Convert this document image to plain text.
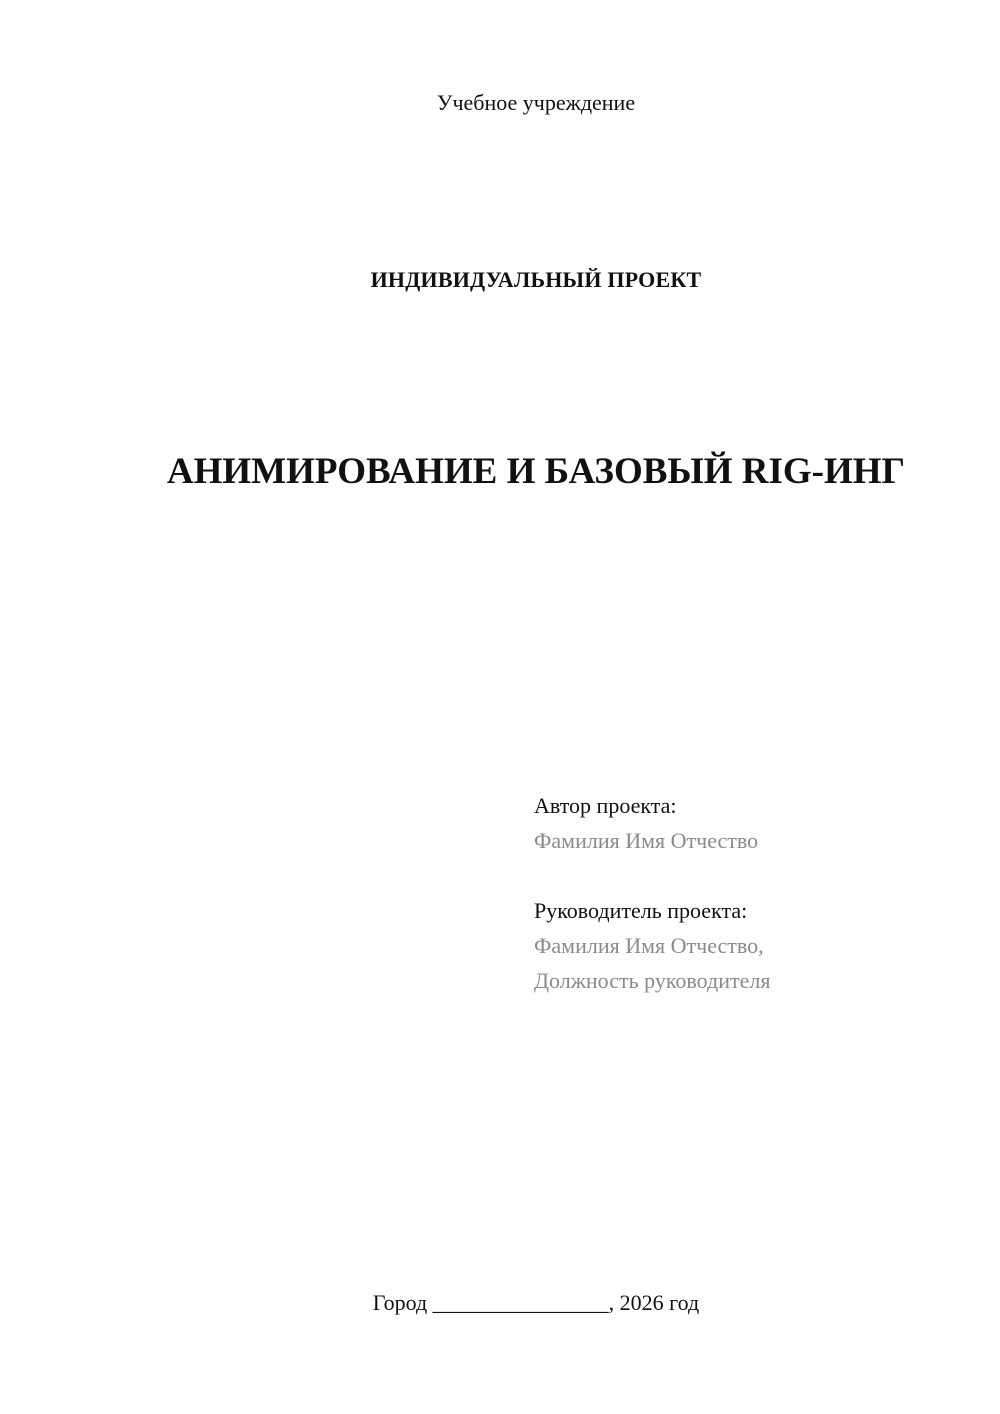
Учебное учреждение
ИНДИВИДУАЛЬНЫЙ ПРОЕКТ
АНИМИРОВАНИЕ И БАЗОВЫЙ RIG-ИНГ
Автор проекта:
Фамилия Имя Отчество
Руководитель проекта:
Фамилия Имя Отчество,
Должность руководителя
Город ________________, 2026 год
